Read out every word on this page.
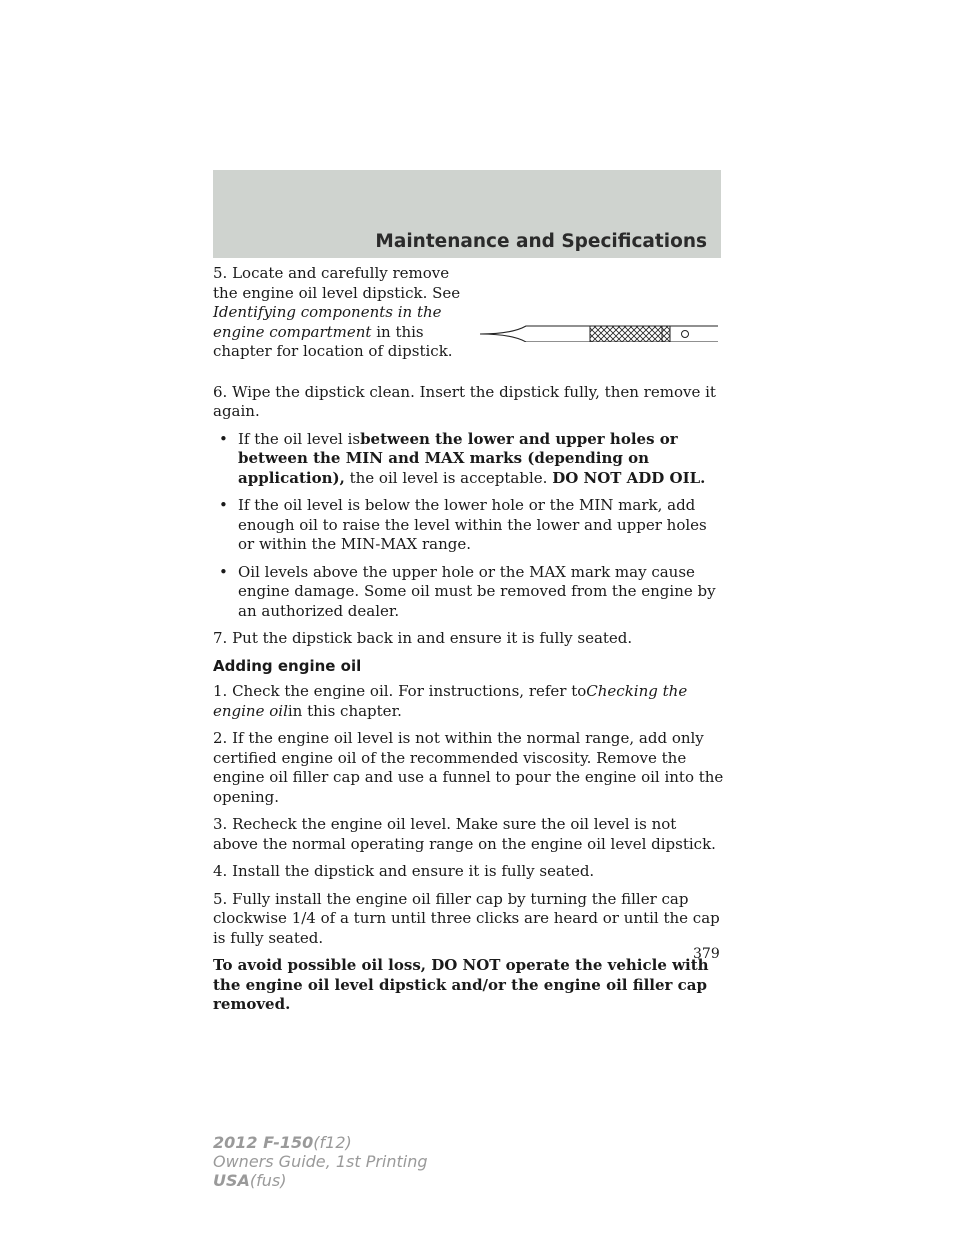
Maintenance and Specifications

5. Locate and carefully remove the engine oil level dipstick. See Identifying components in the engine compartment in this chapter for location of dipstick.

6. Wipe the dipstick clean. Insert the dipstick fully, then remove it again.

• If the oil level isbetween the lower and upper holes or between the MIN and MAX marks (depending on application), the oil level is acceptable. DO NOT ADD OIL.
• If the oil level is below the lower hole or the MIN mark, add enough oil to raise the level within the lower and upper holes or within the MIN-MAX range.
• Oil levels above the upper hole or the MAX mark may cause engine damage. Some oil must be removed from the engine by an authorized dealer.

7. Put the dipstick back in and ensure it is fully seated.

Adding engine oil

1. Check the engine oil. For instructions, refer toChecking the engine oilin this chapter.

2. If the engine oil level is not within the normal range, add only certified engine oil of the recommended viscosity. Remove the engine oil filler cap and use a funnel to pour the engine oil into the opening.

3. Recheck the engine oil level. Make sure the oil level is not above the normal operating range on the engine oil level dipstick.

4. Install the dipstick and ensure it is fully seated.

5. Fully install the engine oil filler cap by turning the filler cap clockwise 1/4 of a turn until three clicks are heard or until the cap is fully seated.

To avoid possible oil loss, DO NOT operate the vehicle with the engine oil level dipstick and/or the engine oil filler cap removed.

379
2012 F-150(f12)
Owners Guide, 1st Printing
USA(fus)
